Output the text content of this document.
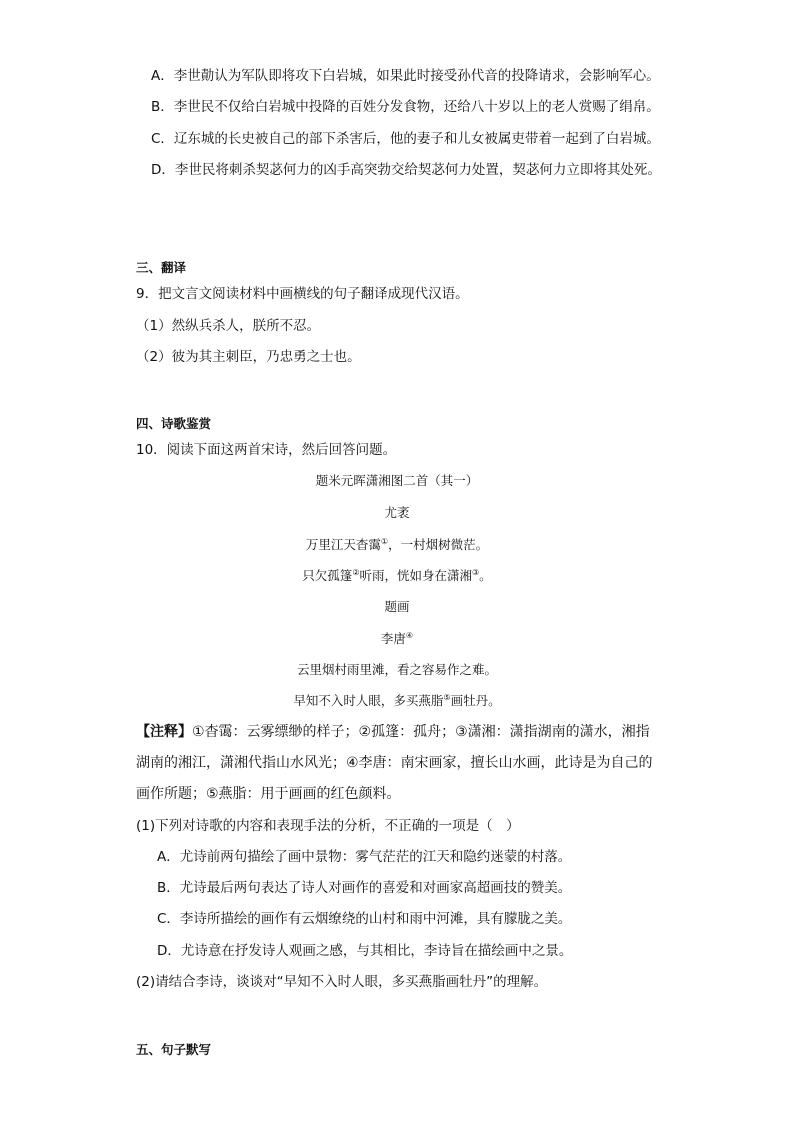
A．李世勣认为军队即将攻下白岩城，如果此时接受孙代音的投降请求，会影响军心。
B．李世民不仅给白岩城中投降的百姓分发食物，还给八十岁以上的老人赏赐了绢帛。
C．辽东城的长史被自己的部下杀害后，他的妻子和儿女被属吏带着一起到了白岩城。
D．李世民将刺杀契苾何力的凶手高突勃交给契苾何力处置，契苾何力立即将其处死。
三、翻译
9．把文言文阅读材料中画横线的句子翻译成现代汉语。
（1）然纵兵杀人，朕所不忍。
（2）彼为其主刺臣，乃忠勇之士也。
四、诗歌鉴赏
10．阅读下面这两首宋诗，然后回答问题。
题米元晖潇湘图二首（其一）
尤袤
万里江天杳霭①，一村烟树微茫。
只欠孤篷②听雨，恍如身在潇湘③。
题画
李唐④
云里烟村雨里滩，看之容易作之难。
早知不入时人眼，多买燕脂⑤画牡丹。
【注释】①杳霭：云雾缥缈的样子；②孤篷：孤舟；③潇湘：潇指湖南的潇水，湘指
湖南的湘江，潇湘代指山水风光；④李唐：南宋画家，擅长山水画，此诗是为自己的
画作所题；⑤燕脂：用于画画的红色颜料。
(1)下列对诗歌的内容和表现手法的分析，不正确的一项是（　）
A．尤诗前两句描绘了画中景物：雾气茫茫的江天和隐约迷蒙的村落。
B．尤诗最后两句表达了诗人对画作的喜爱和对画家高超画技的赞美。
C．李诗所描绘的画作有云烟缭绕的山村和雨中河滩，具有朦胧之美。
D．尤诗意在抒发诗人观画之感，与其相比，李诗旨在描绘画中之景。
(2)请结合李诗，谈谈对“早知不入时人眼，多买燕脂画牡丹”的理解。
五、句子默写
